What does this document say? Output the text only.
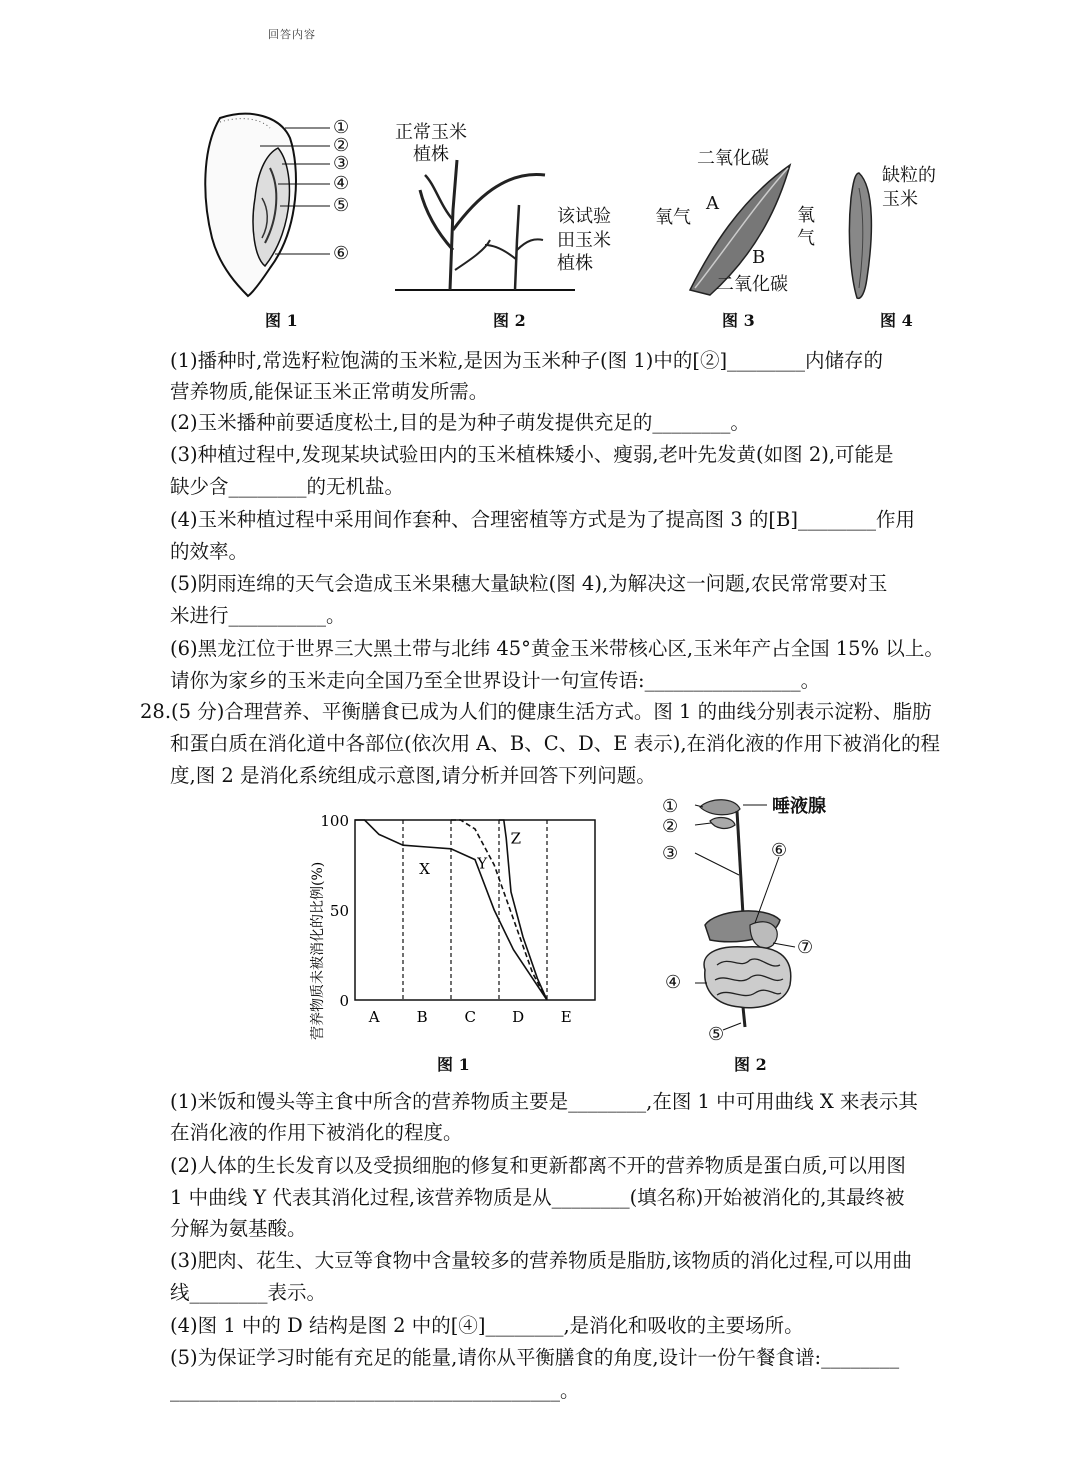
回答内容
①
②
③
④
⑤
⑥
图 1
正常玉米
植株
该试验
田玉米
植株
图 2
二氧化碳
氧气
A
氧
气
B
二氧化碳
图 3
缺粒的
玉米
图 4
(1)播种时,常选籽粒饱满的玉米粒,是因为玉米种子(图 1)中的[②]________内储存的
营养物质,能保证玉米正常萌发所需。
(2)玉米播种前要适度松土,目的是为种子萌发提供充足的________。
(3)种植过程中,发现某块试验田内的玉米植株矮小、瘦弱,老叶先发黄(如图 2),可能是
缺少含________的无机盐。
(4)玉米种植过程中采用间作套种、合理密植等方式是为了提高图 3 的[B]________作用
的效率。
(5)阴雨连绵的天气会造成玉米果穗大量缺粒(图 4),为解决这一问题,农民常常要对玉
米进行__________。
(6)黑龙江位于世界三大黑土带与北纬 45°黄金玉米带核心区,玉米年产占全国 15% 以上。
请你为家乡的玉米走向全国乃至全世界设计一句宣传语:________________。
28.(5 分)合理营养、平衡膳食已成为人们的健康生活方式。图 1 的曲线分别表示淀粉、脂肪
和蛋白质在消化道中各部位(依次用 A、B、C、D、E 表示),在消化液的作用下被消化的程
度,图 2 是消化系统组成示意图,请分析并回答下列问题。
0
50
100
A B C D E
营养物质未被消化的比例(%)	X	Y
Z
图 1
①
②
③	⑥
⑦
④
⑤
唾液腺
图 2
(1)米饭和馒头等主食中所含的营养物质主要是________,在图 1 中可用曲线 X 来表示其
在消化液的作用下被消化的程度。
(2)人体的生长发育以及受损细胞的修复和更新都离不开的营养物质是蛋白质,可以用图
1 中曲线 Y 代表其消化过程,该营养物质是从________(填名称)开始被消化的,其最终被
分解为氨基酸。
(3)肥肉、花生、大豆等食物中含量较多的营养物质是脂肪,该物质的消化过程,可以用曲
线________表示。
(4)图 1 中的 D 结构是图 2 中的[④]________,是消化和吸收的主要场所。
(5)为保证学习时能有充足的能量,请你从平衡膳食的角度,设计一份午餐食谱:________
________________________________________。
